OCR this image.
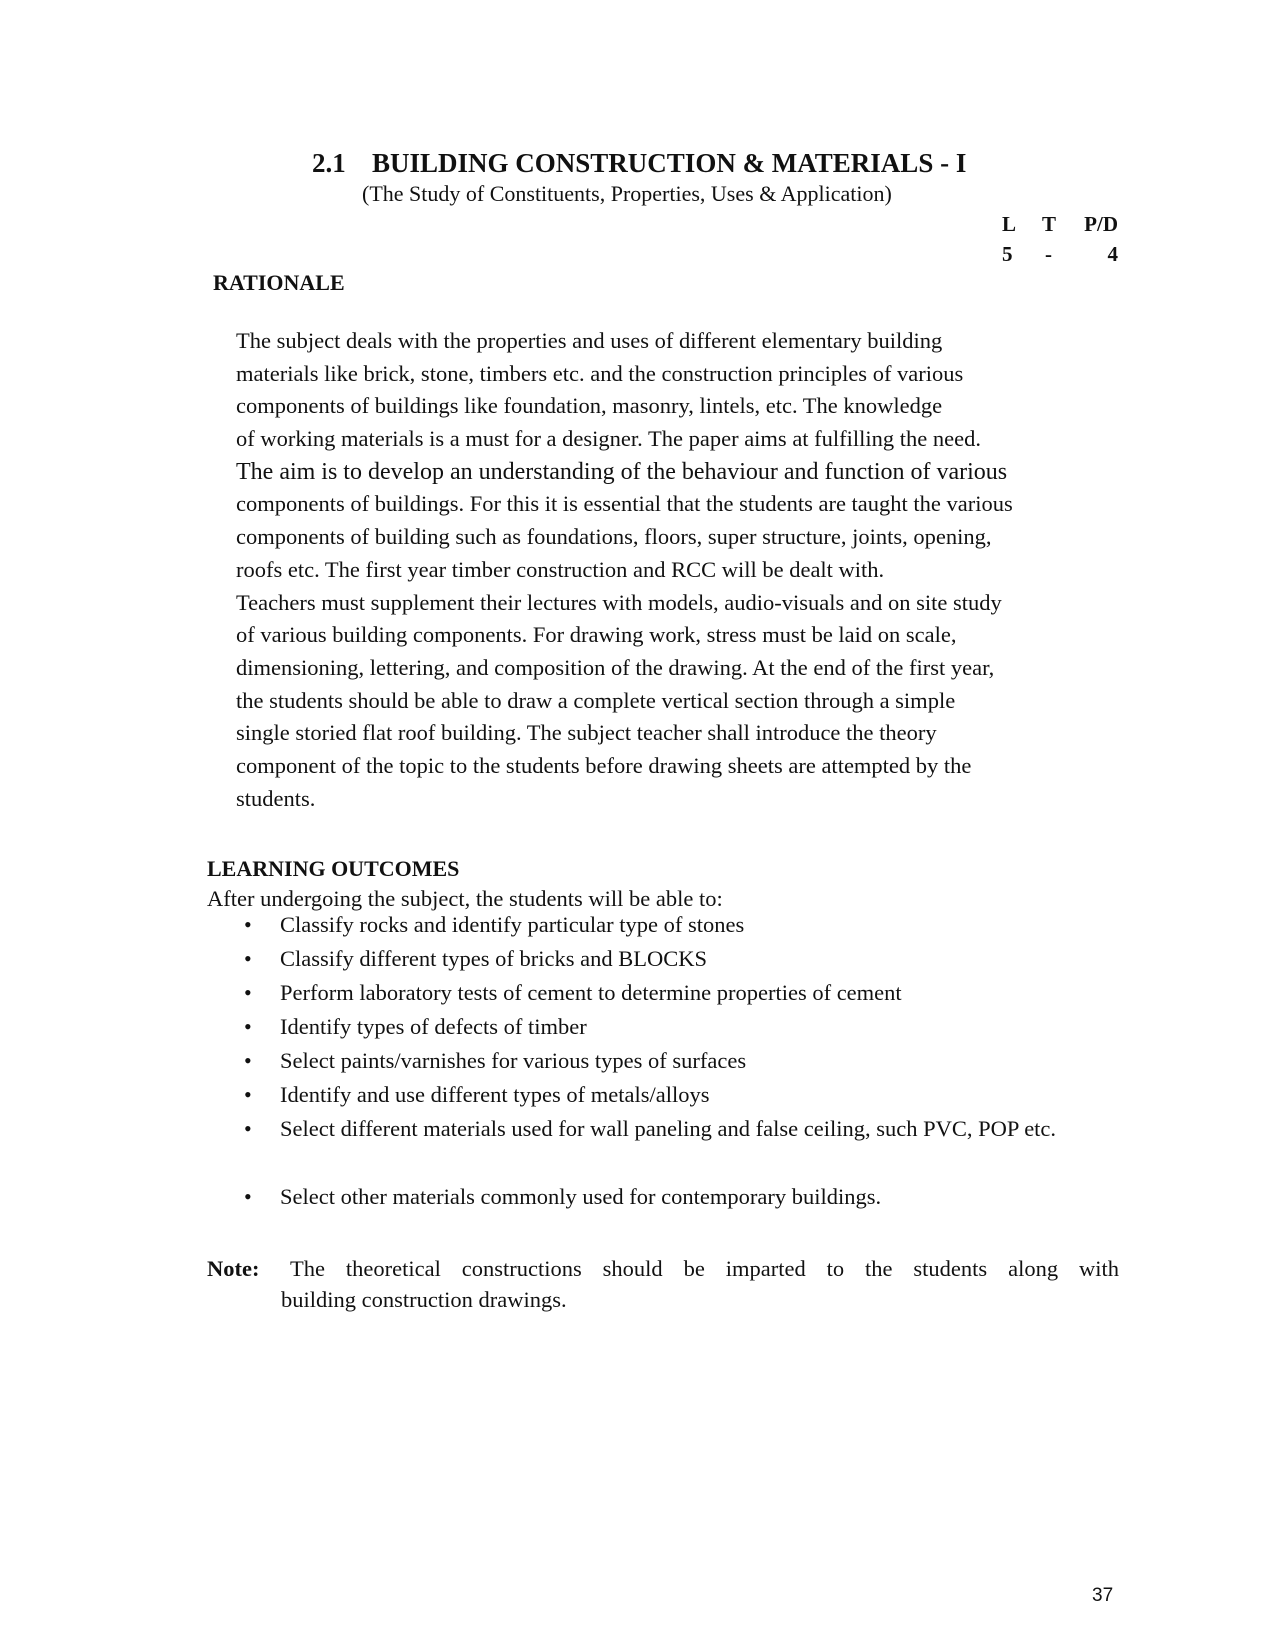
2.1 BUILDING CONSTRUCTION & MATERIALS - I
(The Study of Constituents, Properties, Uses & Application)
L T P/D
5 -	4
RATIONALE
The subject deals with the properties and uses of different elementary building
materials like brick, stone, timbers etc. and the construction principles of various
components of buildings like foundation, masonry, lintels, etc. The knowledge
of working materials is a must for a designer. The paper aims at fulfilling the need.
The aim is to develop an understanding of the behaviour and function of various
components of buildings. For this it is essential that the students are taught the various
components of building such as foundations, floors, super structure, joints, opening,
roofs etc. The first year timber construction and RCC will be dealt with.
Teachers must supplement their lectures with models, audio-visuals and on site study
of various building components. For drawing work, stress must be laid on scale,
dimensioning, lettering, and composition of the drawing. At the end of the first year,
the students should be able to draw a complete vertical section through a simple
single storied flat roof building. The subject teacher shall introduce the theory
component of the topic to the students before drawing sheets are attempted by the
students.
LEARNING OUTCOMES
After undergoing the subject, the students will be able to:
• Classify rocks and identify particular type of stones
• Classify different types of bricks and BLOCKS
• Perform laboratory tests of cement to determine properties of cement
• Identify types of defects of timber
• Select paints/varnishes for various types of surfaces
• Identify and use different types of metals/alloys
• Select different materials used for wall paneling and false ceiling, such PVC, POP etc.
• Select other materials commonly used for contemporary buildings.
Note: The theoretical constructions should be imparted to the students along with
building construction drawings.
37
